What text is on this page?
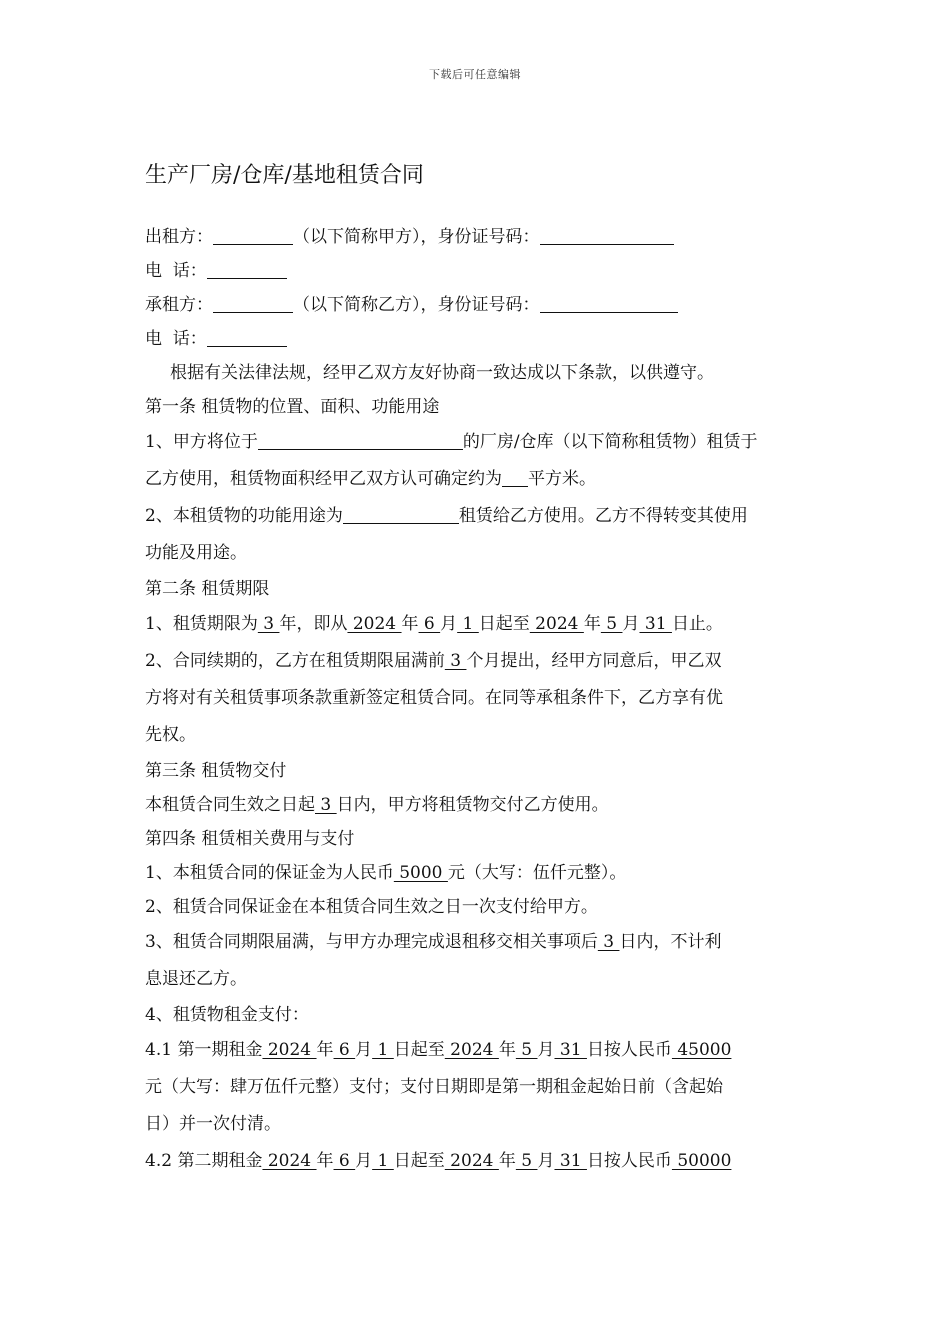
下载后可任意编辑
生产厂房/仓库/基地租赁合同
出租方：	（以下简称甲方），身份证号码：
电  话：
承租方：	（以下简称乙方），身份证号码：
电  话：
根据有关法律法规，经甲乙双方友好协商一致达成以下条款，以供遵守。
第一条 租赁物的位置、面积、功能用途
1、甲方将位于	的厂房/仓库（以下简称租赁物）租赁于
乙方使用，租赁物面积经甲乙双方认可确定约为 平方米。
2、本租赁物的功能用途为	租赁给乙方使用。乙方不得转变其使用
功能及用途。
第二条 租赁期限
1、租赁期限为 3 年，即从 2024 年 6 月 1 日起至 2024 年 5 月 31 日止。
2、合同续期的，乙方在租赁期限届满前 3 个月提出，经甲方同意后，甲乙双
方将对有关租赁事项条款重新签定租赁合同。在同等承租条件下，乙方享有优
先权。
第三条 租赁物交付
本租赁合同生效之日起 3 日内，甲方将租赁物交付乙方使用。
第四条 租赁相关费用与支付
1、本租赁合同的保证金为人民币 5000 元（大写：伍仟元整）。
2、租赁合同保证金在本租赁合同生效之日一次支付给甲方。
3、租赁合同期限届满，与甲方办理完成退租移交相关事项后 3 日内，不计利
息退还乙方。
4、租赁物租金支付：
4.1 第一期租金 2024 年 6 月 1 日起至 2024 年 5 月 31 日按人民币 45000
元（大写：肆万伍仟元整）支付；支付日期即是第一期租金起始日前（含起始
日）并一次付清。
4.2 第二期租金 2024 年 6 月 1 日起至 2024 年 5 月 31 日按人民币 50000
